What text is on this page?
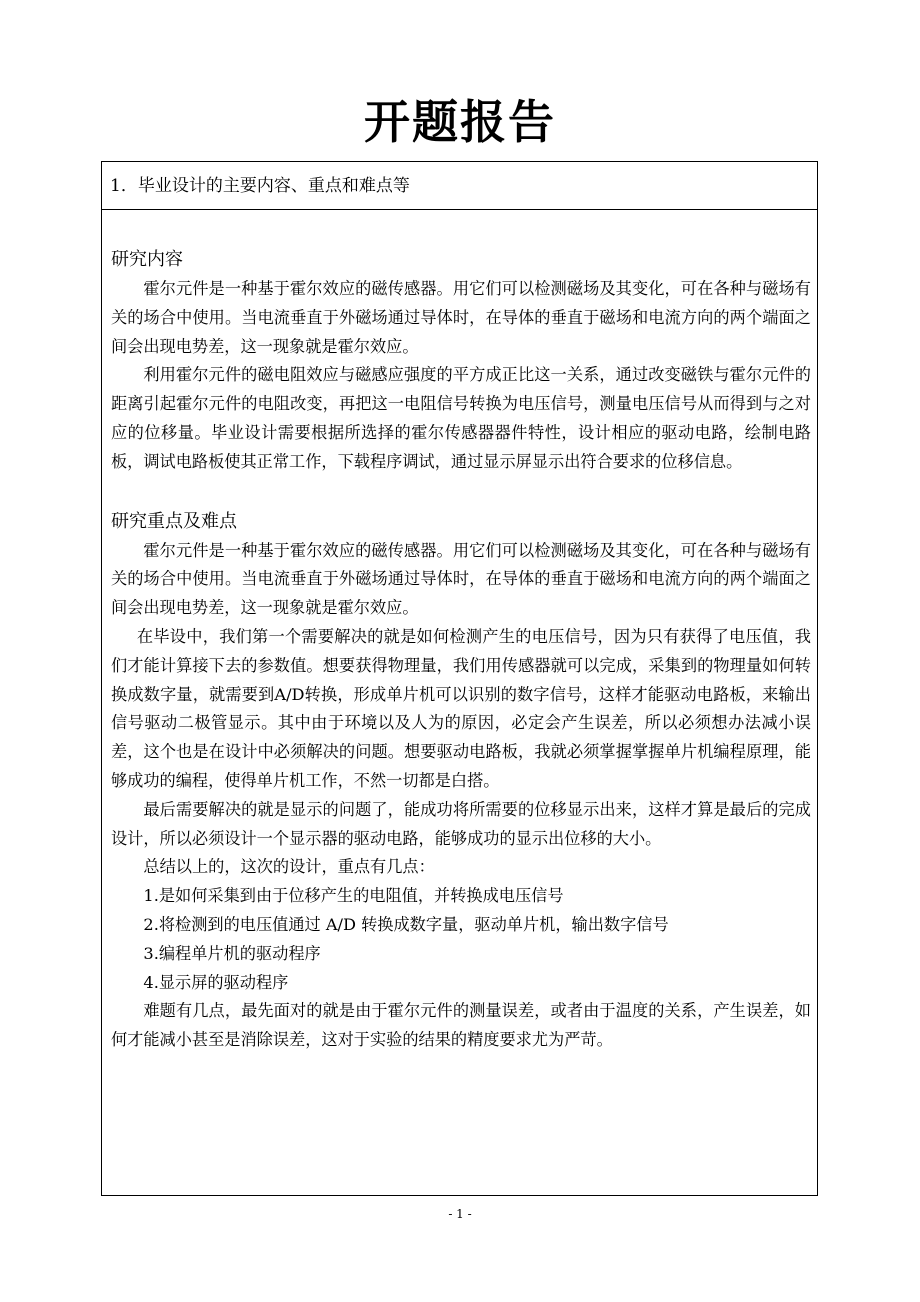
开题报告
1．毕业设计的主要内容、重点和难点等

研究内容

霍尔元件是一种基于霍尔效应的磁传感器。用它们可以检测磁场及其变化，可在各种与磁场有关的场合中使用。当电流垂直于外磁场通过导体时，在导体的垂直于磁场和电流方向的两个端面之间会出现电势差，这一现象就是霍尔效应。

利用霍尔元件的磁电阻效应与磁感应强度的平方成正比这一关系，通过改变磁铁与霍尔元件的距离引起霍尔元件的电阻改变，再把这一电阻信号转换为电压信号，测量电压信号从而得到与之对应的位移量。毕业设计需要根据所选择的霍尔传感器器件特性，设计相应的驱动电路，绘制电路板，调试电路板使其正常工作，下载程序调试，通过显示屏显示出符合要求的位移信息。

研究重点及难点

霍尔元件是一种基于霍尔效应的磁传感器。用它们可以检测磁场及其变化，可在各种与磁场有关的场合中使用。当电流垂直于外磁场通过导体时，在导体的垂直于磁场和电流方向的两个端面之间会出现电势差，这一现象就是霍尔效应。

在毕设中，我们第一个需要解决的就是如何检测产生的电压信号，因为只有获得了电压值，我们才能计算接下去的参数值。想要获得物理量，我们用传感器就可以完成，采集到的物理量如何转换成数字量，就需要到A/D转换，形成单片机可以识别的数字信号，这样才能驱动电路板，来输出信号驱动二极管显示。其中由于环境以及人为的原因，必定会产生误差，所以必须想办法减小误差，这个也是在设计中必须解决的问题。想要驱动电路板，我就必须掌握掌握单片机编程原理，能够成功的编程，使得单片机工作，不然一切都是白搭。

最后需要解决的就是显示的问题了，能成功将所需要的位移显示出来，这样才算是最后的完成设计，所以必须设计一个显示器的驱动电路，能够成功的显示出位移的大小。

总结以上的，这次的设计，重点有几点：

1.是如何采集到由于位移产生的电阻值，并转换成电压信号

2.将检测到的电压值通过 A/D 转换成数字量，驱动单片机，输出数字信号

3.编程单片机的驱动程序

4.显示屏的驱动程序

难题有几点，最先面对的就是由于霍尔元件的测量误差，或者由于温度的关系，产生误差，如何才能减小甚至是消除误差，这对于实验的结果的精度要求尤为严苛。

- 1 -
